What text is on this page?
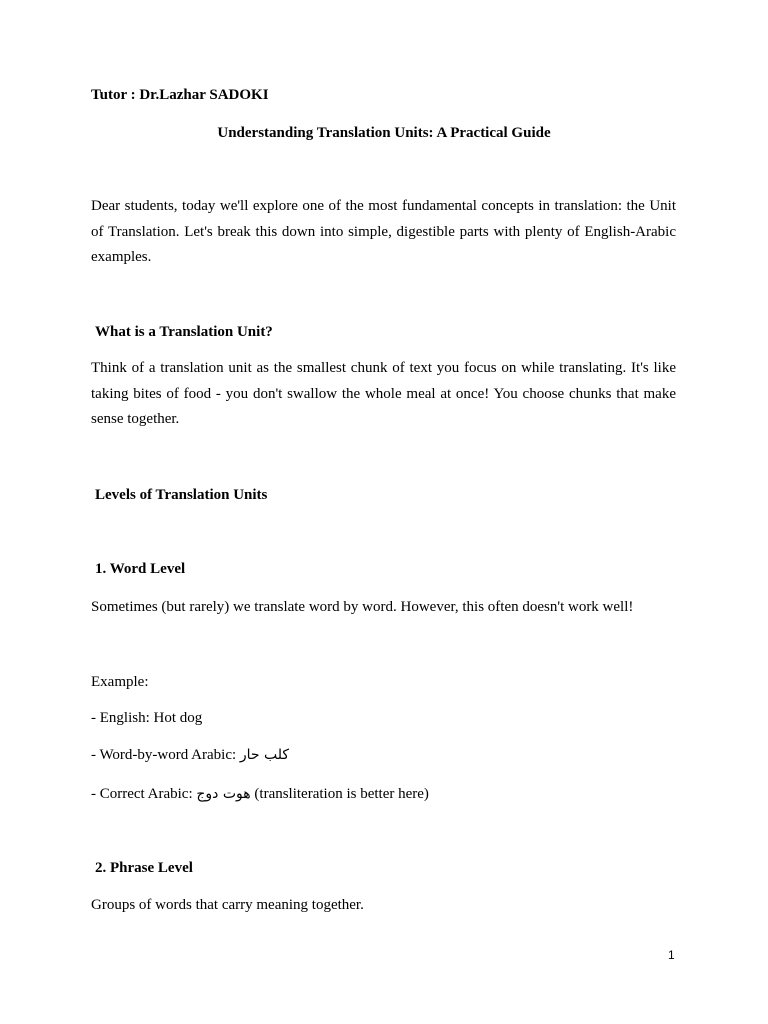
Tutor : Dr.Lazhar SADOKI
Understanding Translation Units: A Practical Guide
Dear students, today we'll explore one of the most fundamental concepts in translation: the Unit of Translation. Let's break this down into simple, digestible parts with plenty of English-Arabic examples.
What is a Translation Unit?
Think of a translation unit as the smallest chunk of text you focus on while translating. It's like taking bites of food - you don't swallow the whole meal at once! You choose chunks that make sense together.
Levels of Translation Units
1. Word Level
Sometimes (but rarely) we translate word by word. However, this often doesn't work well!
Example:
- English: Hot dog
- Word-by-word Arabic: كلب حار
- Correct Arabic: هوت دوج (transliteration is better here)
2. Phrase Level
Groups of words that carry meaning together.
1
